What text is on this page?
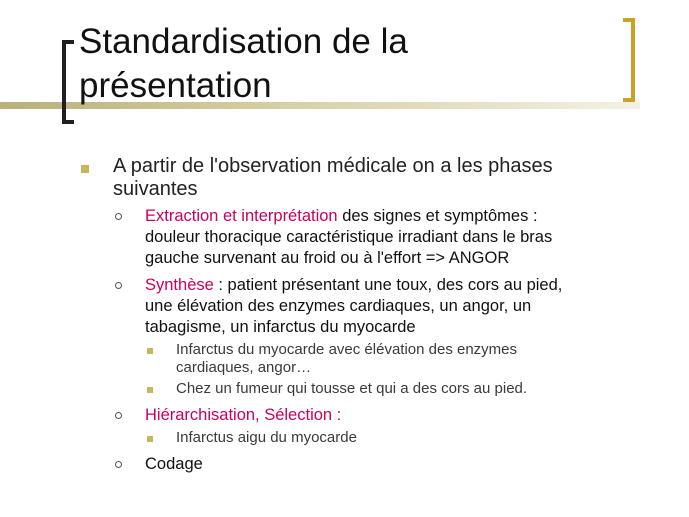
Standardisation de la
présentation
A partir de l'observation médicale on a les phases
suivantes
Extraction et interprétation des signes et symptômes :
douleur thoracique caractéristique irradiant dans le bras
gauche survenant au froid ou à l'effort => ANGOR
Synthèse : patient présentant une toux, des cors au pied,
une élévation des enzymes cardiaques, un angor, un
tabagisme, un infarctus du myocarde
Infarctus du myocarde avec élévation des enzymes
cardiaques, angor…
Chez un fumeur qui tousse et qui a des cors au pied.
Hiérarchisation, Sélection :
Infarctus aigu du myocarde
Codage
